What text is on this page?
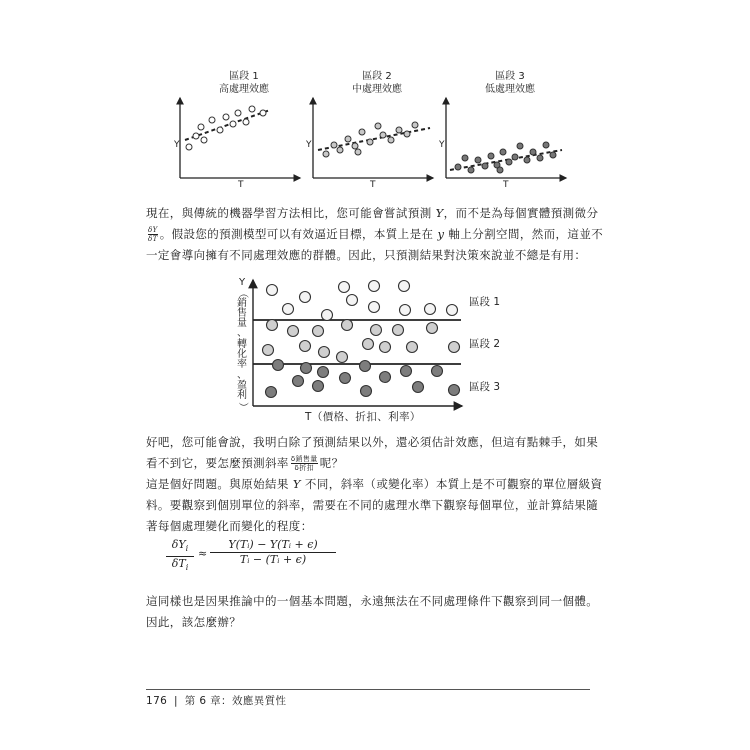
區段 1
高處理效應
區段 2
中處理效應
區段 3
低處理效應
Y
T
Y
T
Y
T
現在，與傳統的機器學習方法相比，您可能會嘗試預測 Y，而不是為每個實體預測微分
$\frac{\delta Y}{\delta T}$ 。假設您的預測模型可以有效逼近目標，本質上是在 y 軸上分割空間，然而，這並不
一定會導向擁有不同處理效應的群體。因此，只預測結果對決策來說並不總是有用：
Y
（
銷
售
量
、
轉
化
率
、
盈
利
）
區段 1
區段 2
區段 3
T（價格、折扣、利率）
好吧，您可能會說，我明白除了預測結果以外，還必須估計效應，但這有點棘手，如果
看不到它，要怎麼預測斜率 $\frac{\text{δ銷售量}}{\text{δ折扣}}$ 呢？
這是個好問題。與原始結果 Y 不同，斜率（或變化率）本質上是不可觀察的單位層級資
料。要觀察到個別單位的斜率，需要在不同的處理水準下觀察每個單位，並計算結果隨
著每個處理變化而變化的程度：
$\delta Y_i$
$\delta T_i$
≈ $\frac{\text{Y(Tᵢ) − Y(Tᵢ + ϵ)}}{\text{Tᵢ − (Tᵢ + ϵ)}}$
這同樣也是因果推論中的一個基本問題，永遠無法在不同處理條件下觀察到同一個體。
因此，該怎麼辦？
176 | 第 6 章：效應異質性
